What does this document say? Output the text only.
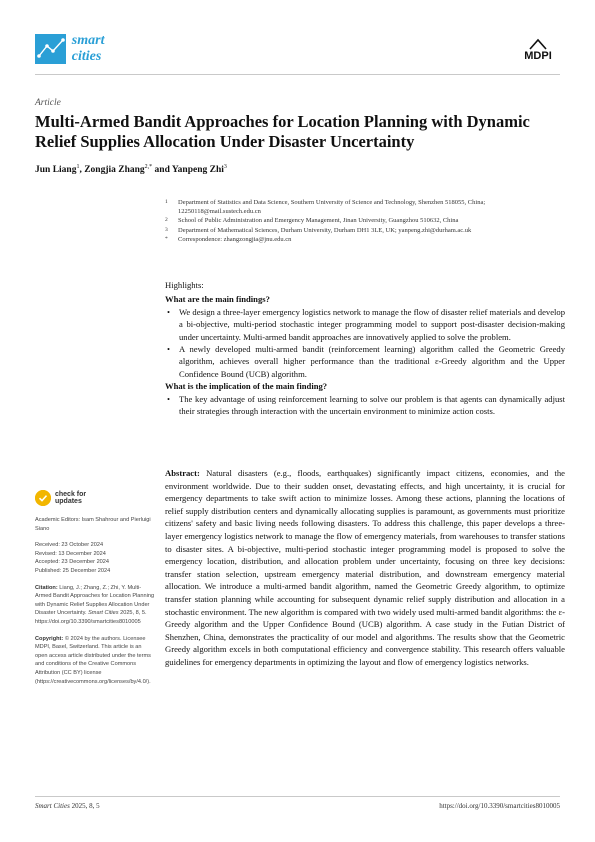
smart cities	MDPI
Article
Multi-Armed Bandit Approaches for Location Planning with Dynamic Relief Supplies Allocation Under Disaster Uncertainty
Jun Liang$^1$, Zongjia Zhang$^{2,*}$ and Yanpeng Zhi$^3$
1	Department of Statistics and Data Science, Southern University of Science and Technology, Shenzhen 518055, China; 12250118@mail.sustech.edu.cn
2	School of Public Administration and Emergency Management, Jinan University, Guangzhou 510632, China
3	Department of Mathematical Sciences, Durham University, Durham DH1 3LE, UK; yanpeng.zhi@durham.ac.uk
*	Correspondence: zhangzongjia@jnu.edu.cn
Highlights:
What are the main findings?
•	We design a three-layer emergency logistics network to manage the flow of disaster relief materials and develop a bi-objective, multi-period stochastic integer programming model to support post-disaster decision-making under uncertainty. Multi-armed bandit approaches are innovatively applied to solve the problem.
•	A newly developed multi-armed bandit (reinforcement learning) algorithm called the Geometric Greedy algorithm, achieves overall higher performance than the traditional ε-Greedy algorithm and the Upper Confidence Bound (UCB) algorithm.
What is the implication of the main finding?
•	The key advantage of using reinforcement learning to solve our problem is that agents can dynamically adjust their strategies through interaction with the uncertain environment to minimize action costs.
Abstract: Natural disasters (e.g., floods, earthquakes) significantly impact citizens, economies, and the environment worldwide. Due to their sudden onset, devastating effects, and high uncertainty, it is crucial for emergency departments to take swift action to minimize losses. Among these actions, planning the locations of relief supply distribution centers and dynamically allocating supplies is paramount, as governments must prioritize citizens' safety and basic living needs following disasters. To address this challenge, this paper develops a three-layer emergency logistics network to manage the flow of emergency materials, from warehouses to transfer stations to disaster sites. A bi-objective, multi-period stochastic integer programming model is proposed to solve the emergency location, distribution, and allocation problem under uncertainty, focusing on three key decisions: transfer station selection, upstream emergency material distribution, and downstream emergency material allocation. We introduce a multi-armed bandit algorithm, named the Geometric Greedy algorithm, to optimize transfer station planning while accounting for subsequent dynamic relief supply distribution and allocation in a stochastic environment. The new algorithm is compared with two widely used multi-armed bandit algorithms: the ε-Greedy algorithm and the Upper Confidence Bound (UCB) algorithm. A case study in the Futian District of Shenzhen, China, demonstrates the practicality of our model and algorithms. The results show that the Geometric Greedy algorithm excels in both computational efficiency and convergence stability. This research offers valuable guidelines for emergency departments in optimizing the layout and flow of emergency logistics networks.
check for
updates
Academic Editors: Isam Shahrour and Pierluigi Siano
Received: 23 October 2024
Revised: 13 December 2024
Accepted: 23 December 2024
Published: 25 December 2024
Citation: Liang, J.; Zhang, Z.; Zhi, Y. Multi-Armed Bandit Approaches for Location Planning with Dynamic Relief Supplies Allocation Under Disaster Uncertainty. Smart Cities 2025, 8, 5. https://doi.org/10.3390/smartcities8010005
Copyright: © 2024 by the authors. Licensee MDPI, Basel, Switzerland. This article is an open access article distributed under the terms and conditions of the Creative Commons Attribution (CC BY) license (https://creativecommons.org/licenses/by/4.0/).
Smart Cities 2025, 8, 5	https://doi.org/10.3390/smartcities8010005
